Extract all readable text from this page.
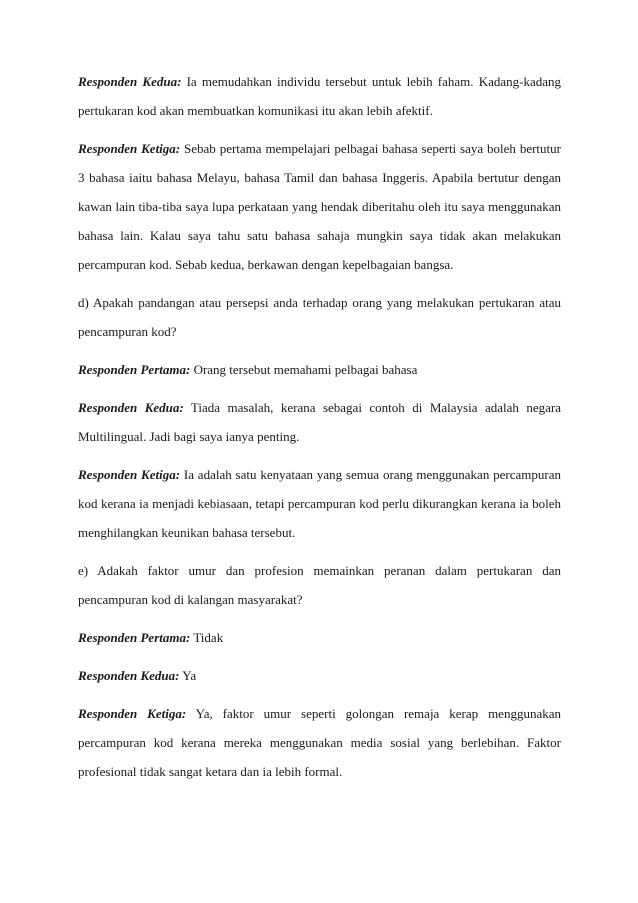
Responden Kedua: Ia memudahkan individu tersebut untuk lebih faham. Kadang-kadang pertukaran kod akan membuatkan komunikasi itu akan lebih afektif.

Responden Ketiga: Sebab pertama mempelajari pelbagai bahasa seperti saya boleh bertutur 3 bahasa iaitu bahasa Melayu, bahasa Tamil dan bahasa Inggeris. Apabila bertutur dengan kawan lain tiba-tiba saya lupa perkataan yang hendak diberitahu oleh itu saya menggunakan bahasa lain. Kalau saya tahu satu bahasa sahaja mungkin saya tidak akan melakukan percampuran kod. Sebab kedua, berkawan dengan kepelbagaian bangsa.

d) Apakah pandangan atau persepsi anda terhadap orang yang melakukan pertukaran atau pencampuran kod?

Responden Pertama: Orang tersebut memahami pelbagai bahasa

Responden Kedua: Tiada masalah, kerana sebagai contoh di Malaysia adalah negara Multilingual. Jadi bagi saya ianya penting.

Responden Ketiga: Ia adalah satu kenyataan yang semua orang menggunakan percampuran kod kerana ia menjadi kebiasaan, tetapi percampuran kod perlu dikurangkan kerana ia boleh menghilangkan keunikan bahasa tersebut.

e) Adakah faktor umur dan profesion memainkan peranan dalam pertukaran dan pencampuran kod di kalangan masyarakat?

Responden Pertama: Tidak

Responden Kedua: Ya

Responden Ketiga: Ya, faktor umur seperti golongan remaja kerap menggunakan percampuran kod kerana mereka menggunakan media sosial yang berlebihan. Faktor profesional tidak sangat ketara dan ia lebih formal.
